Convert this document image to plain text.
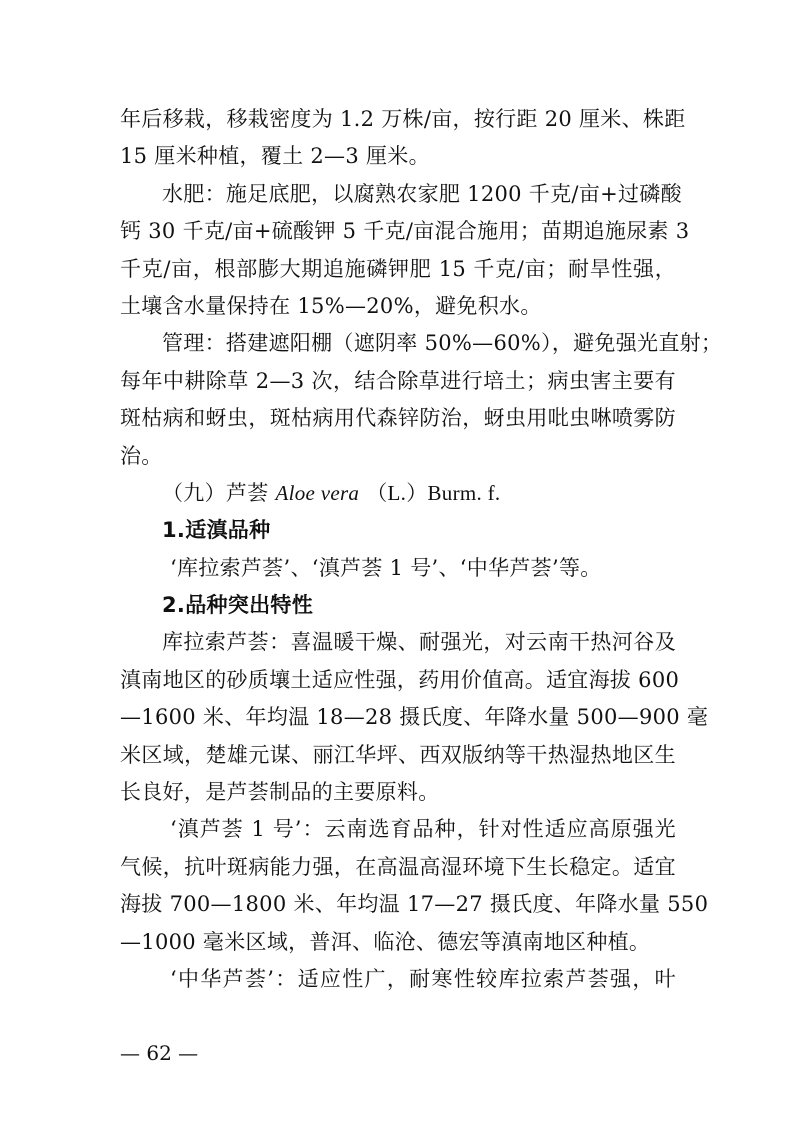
年后移栽，移栽密度为 1.2 万株/亩，按行距 20 厘米、株距
15 厘米种植，覆土 2—3 厘米。
水肥：施足底肥，以腐熟农家肥 1200 千克/亩+过磷酸
钙 30 千克/亩+硫酸钾 5 千克/亩混合施用；苗期追施尿素 3
千克/亩，根部膨大期追施磷钾肥 15 千克/亩；耐旱性强，
土壤含水量保持在 15%—20%，避免积水。
管理：搭建遮阳棚（遮阴率 50%—60%），避免强光直射；
每年中耕除草 2—3 次，结合除草进行培土；病虫害主要有
斑枯病和蚜虫，斑枯病用代森锌防治，蚜虫用吡虫啉喷雾防
治。
（九）芦荟 Aloe vera （L.）Burm. f.
1.适滇品种
‘库拉索芦荟’、‘滇芦荟 1 号’、‘中华芦荟’等。
2.品种突出特性
库拉索芦荟：喜温暖干燥、耐强光，对云南干热河谷及
滇南地区的砂质壤土适应性强，药用价值高。适宜海拔 600
—1600 米、年均温 18—28 摄氏度、年降水量 500—900 毫
米区域，楚雄元谋、丽江华坪、西双版纳等干热湿热地区生
长良好，是芦荟制品的主要原料。
‘滇芦荟 1 号’：云南选育品种，针对性适应高原强光
气候，抗叶斑病能力强，在高温高湿环境下生长稳定。适宜
海拔 700—1800 米、年均温 17—27 摄氏度、年降水量 550
—1000 毫米区域，普洱、临沧、德宏等滇南地区种植。
‘中华芦荟’：适应性广，耐寒性较库拉索芦荟强，叶
— 62 —
